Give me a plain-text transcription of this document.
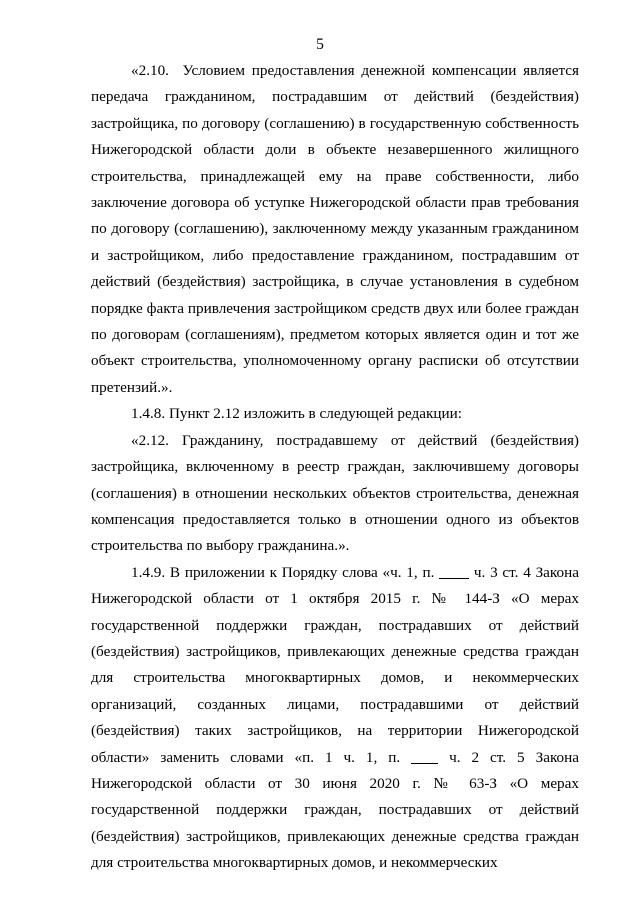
5

«2.10.  Условием предоставления денежной компенсации является передача гражданином, пострадавшим от действий (бездействия) застройщика, по договору (соглашению) в государственную собственность Нижегородской области доли в объекте незавершенного жилищного строительства, принадлежащей ему на праве собственности, либо заключение договора об уступке Нижегородской области прав требования по договору (соглашению), заключенному между указанным гражданином и застройщиком, либо предоставление гражданином, пострадавшим от действий (бездействия) застройщика, в случае установления в судебном порядке факта привлечения застройщиком средств двух или более граждан по договорам (соглашениям), предметом которых является один и тот же объект строительства, уполномоченному органу расписки об отсутствии претензий.».

1.4.8. Пункт 2.12 изложить в следующей редакции:

«2.12. Гражданину, пострадавшему от действий (бездействия) застройщика, включенному в реестр граждан, заключившему договоры (соглашения) в отношении нескольких объектов строительства, денежная компенсация предоставляется только в отношении одного из объектов строительства по выбору гражданина.».

1.4.9. В приложении к Порядку слова «ч. 1, п.  ч. 3 ст. 4 Закона Нижегородской области от 1 октября 2015 г. № 144-З «О мерах государственной поддержки граждан, пострадавших от действий (бездействия) застройщиков, привлекающих денежные средства граждан для строительства многоквартирных домов, и некоммерческих организаций, созданных лицами, пострадавшими от действий (бездействия) таких застройщиков, на территории Нижегородской области» заменить словами «п. 1 ч. 1, п.  ч. 2 ст. 5 Закона Нижегородской области от 30 июня 2020 г. № 63-З «О мерах государственной поддержки граждан, пострадавших от действий (бездействия) застройщиков, привлекающих денежные средства граждан для строительства многоквартирных домов, и некоммерческих
